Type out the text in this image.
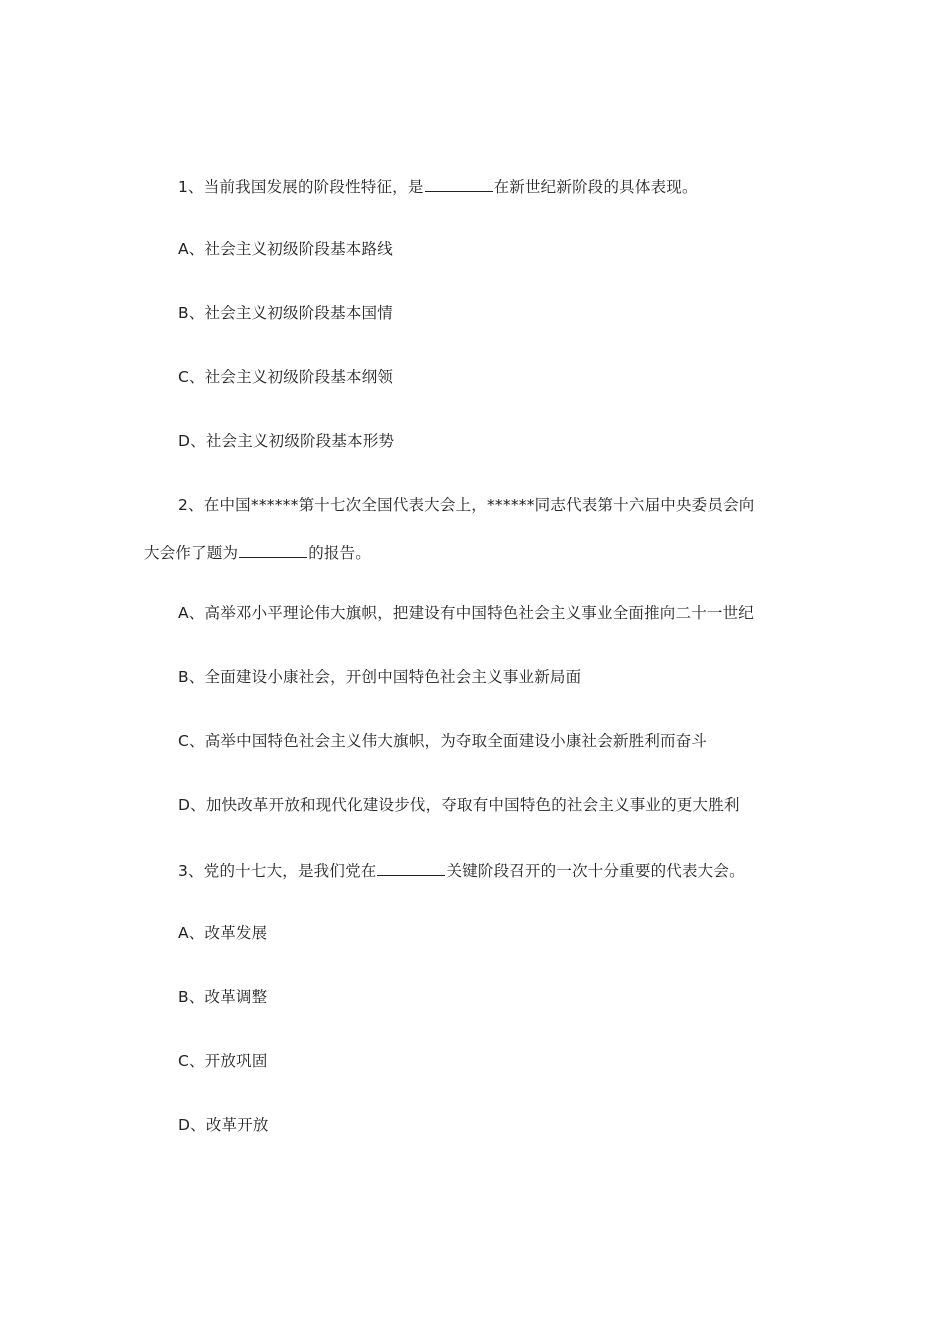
1、当前我国发展的阶段性特征，是	在新世纪新阶段的具体表现。
A、社会主义初级阶段基本路线
B、社会主义初级阶段基本国情
C、社会主义初级阶段基本纲领
D、社会主义初级阶段基本形势
2、在中国******第十七次全国代表大会上，******同志代表第十六届中央委员会向
大会作了题为	的报告。
A、高举邓小平理论伟大旗帜，把建设有中国特色社会主义事业全面推向二十一世纪
B、全面建设小康社会，开创中国特色社会主义事业新局面
C、高举中国特色社会主义伟大旗帜，为夺取全面建设小康社会新胜利而奋斗
D、加快改革开放和现代化建设步伐，夺取有中国特色的社会主义事业的更大胜利
3、党的十七大，是我们党在	关键阶段召开的一次十分重要的代表大会。
A、改革发展
B、改革调整
C、开放巩固
D、改革开放
